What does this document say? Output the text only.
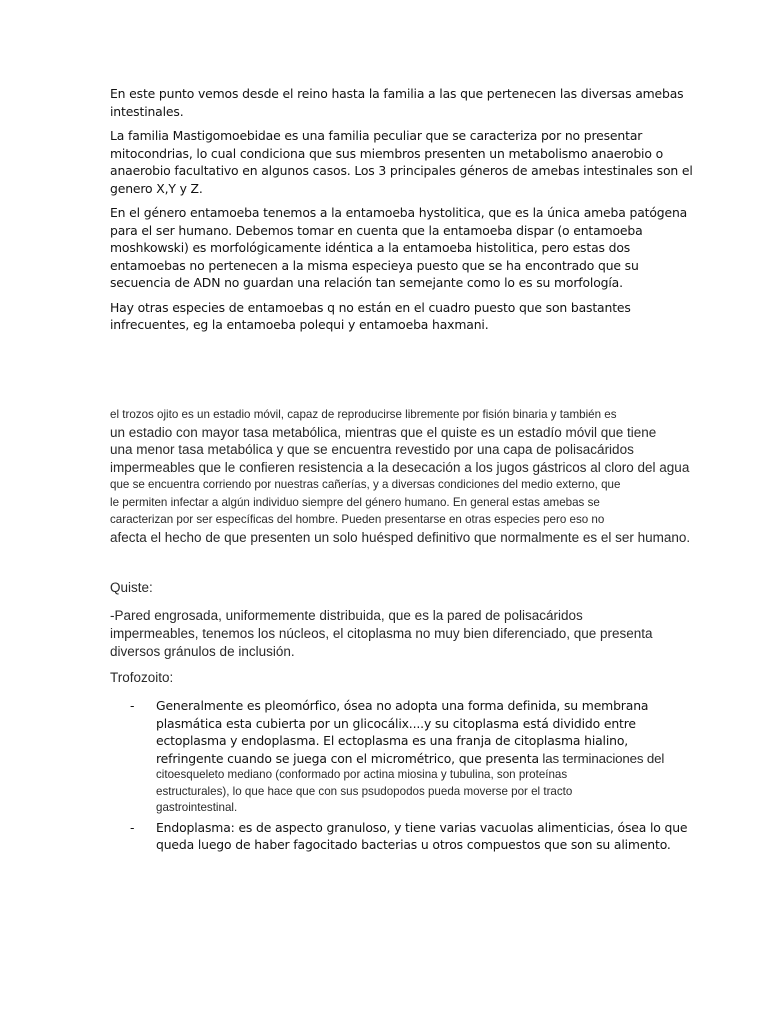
En este punto vemos desde el reino hasta la familia a las que pertenecen las diversas amebas
intestinales.

La familia Mastigomoebidae es una familia peculiar que se caracteriza por no presentar
mitocondrias, lo cual condiciona que sus miembros presenten un metabolismo anaerobio o
anaerobio facultativo en algunos casos. Los 3 principales géneros de amebas intestinales son el
genero X,Y y Z.

En el género entamoeba tenemos a la entamoeba hystolitica, que es la única ameba patógena
para el ser humano. Debemos tomar en cuenta que la entamoeba dispar (o entamoeba
moshkowski) es morfológicamente idéntica a la entamoeba histolitica, pero estas dos
entamoebas no pertenecen a la misma especieya puesto que se ha encontrado que su
secuencia de ADN no guardan una relación tan semejante como lo es su morfología.

Hay otras especies de entamoebas q no están en el cuadro puesto que son bastantes
infrecuentes, eg la entamoeba polequi y entamoeba haxmani.

el trozos ojito es un estadio móvil, capaz de reproducirse libremente por fisión binaria y también es
un estadio con mayor tasa metabólica, mientras que el quiste es un estadío móvil que tiene
una menor tasa metabólica y que se encuentra revestido por una capa de polisacáridos
impermeables que le confieren resistencia a la desecación a los jugos gástricos al cloro del agua
que se encuentra corriendo por nuestras cañerías, y a diversas condiciones del medio externo, que
le permiten infectar a algún individuo siempre del género humano. En general estas amebas se
caracterizan por ser específicas del hombre. Pueden presentarse en otras especies pero eso no
afecta el hecho de que presenten un solo huésped definitivo que normalmente es el ser humano.
Quiste:
-Pared engrosada, uniformemente distribuida, que es la pared de polisacáridos
impermeables, tenemos los núcleos, el citoplasma no muy bien diferenciado, que presenta
diversos gránulos de inclusión.
Trofozoito:
- Generalmente es pleomórfico, ósea no adopta una forma definida, su membrana
plasmática esta cubierta por un glicocálix....y su citoplasma está dividido entre
ectoplasma y endoplasma. El ectoplasma es una franja de citoplasma hialino,
refringente cuando se juega con el micrométrico, que presenta las terminaciones del
citoesqueleto mediano (conformado por actina miosina y tubulina, son proteínas
estructurales), lo que hace que con sus psudopodos pueda moverse por el tracto
gastrointestinal.
- Endoplasma: es de aspecto granuloso, y tiene varias vacuolas alimenticias, ósea lo que
queda luego de haber fagocitado bacterias u otros compuestos que son su alimento.
